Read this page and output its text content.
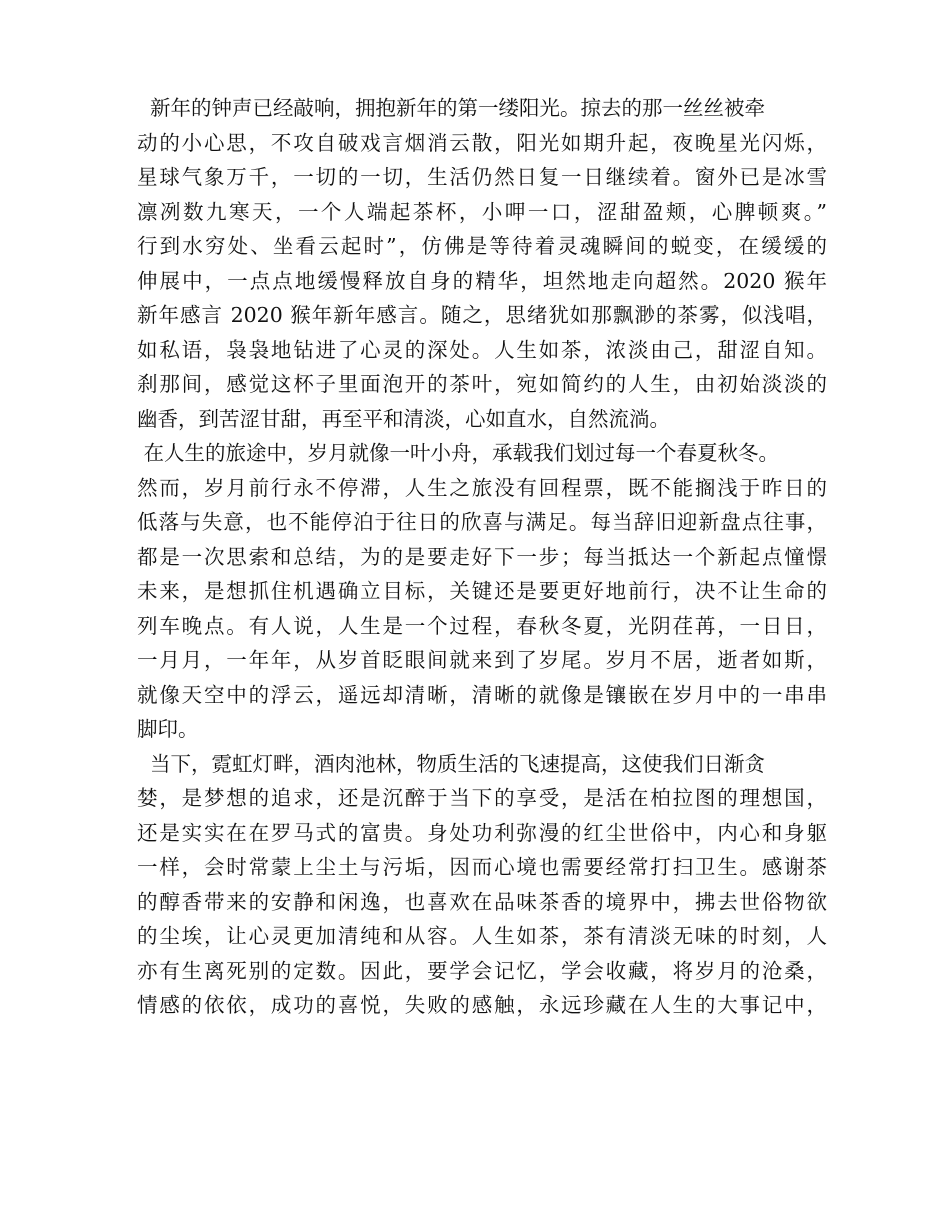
新年的钟声已经敲响，拥抱新年的第一缕阳光。掠去的那一丝丝被牵
动的小心思，不攻自破戏言烟消云散，阳光如期升起，夜晚星光闪烁，
星球气象万千，一切的一切，生活仍然日复一日继续着。窗外已是冰雪
凛冽数九寒天，一个人端起茶杯，小呷一口，涩甜盈颊，心脾顿爽。”
行到水穷处、坐看云起时”，仿佛是等待着灵魂瞬间的蜕变，在缓缓的
伸展中，一点点地缓慢释放自身的精华，坦然地走向超然。2020 猴年
新年感言 2020 猴年新年感言。随之，思绪犹如那飘渺的茶雾，似浅唱，
如私语，袅袅地钻进了心灵的深处。人生如茶，浓淡由己，甜涩自知。
刹那间，感觉这杯子里面泡开的茶叶，宛如简约的人生，由初始淡淡的
幽香，到苦涩甘甜，再至平和清淡，心如直水，自然流淌。
在人生的旅途中，岁月就像一叶小舟，承载我们划过每一个春夏秋冬。
然而，岁月前行永不停滞，人生之旅没有回程票，既不能搁浅于昨日的
低落与失意，也不能停泊于往日的欣喜与满足。每当辞旧迎新盘点往事，
都是一次思索和总结，为的是要走好下一步；每当抵达一个新起点憧憬
未来，是想抓住机遇确立目标，关键还是要更好地前行，决不让生命的
列车晚点。有人说，人生是一个过程，春秋冬夏，光阴荏苒，一日日，
一月月，一年年，从岁首眨眼间就来到了岁尾。岁月不居，逝者如斯，
就像天空中的浮云，遥远却清晰，清晰的就像是镶嵌在岁月中的一串串
脚印。
当下，霓虹灯畔，酒肉池林，物质生活的飞速提高，这使我们日渐贪
婪，是梦想的追求，还是沉醉于当下的享受，是活在柏拉图的理想国，
还是实实在在罗马式的富贵。身处功利弥漫的红尘世俗中，内心和身躯
一样，会时常蒙上尘土与污垢，因而心境也需要经常打扫卫生。感谢茶
的醇香带来的安静和闲逸，也喜欢在品味茶香的境界中，拂去世俗物欲
的尘埃，让心灵更加清纯和从容。人生如茶，茶有清淡无味的时刻，人
亦有生离死别的定数。因此，要学会记忆，学会收藏，将岁月的沧桑，
情感的依依，成功的喜悦，失败的感触，永远珍藏在人生的大事记中，
